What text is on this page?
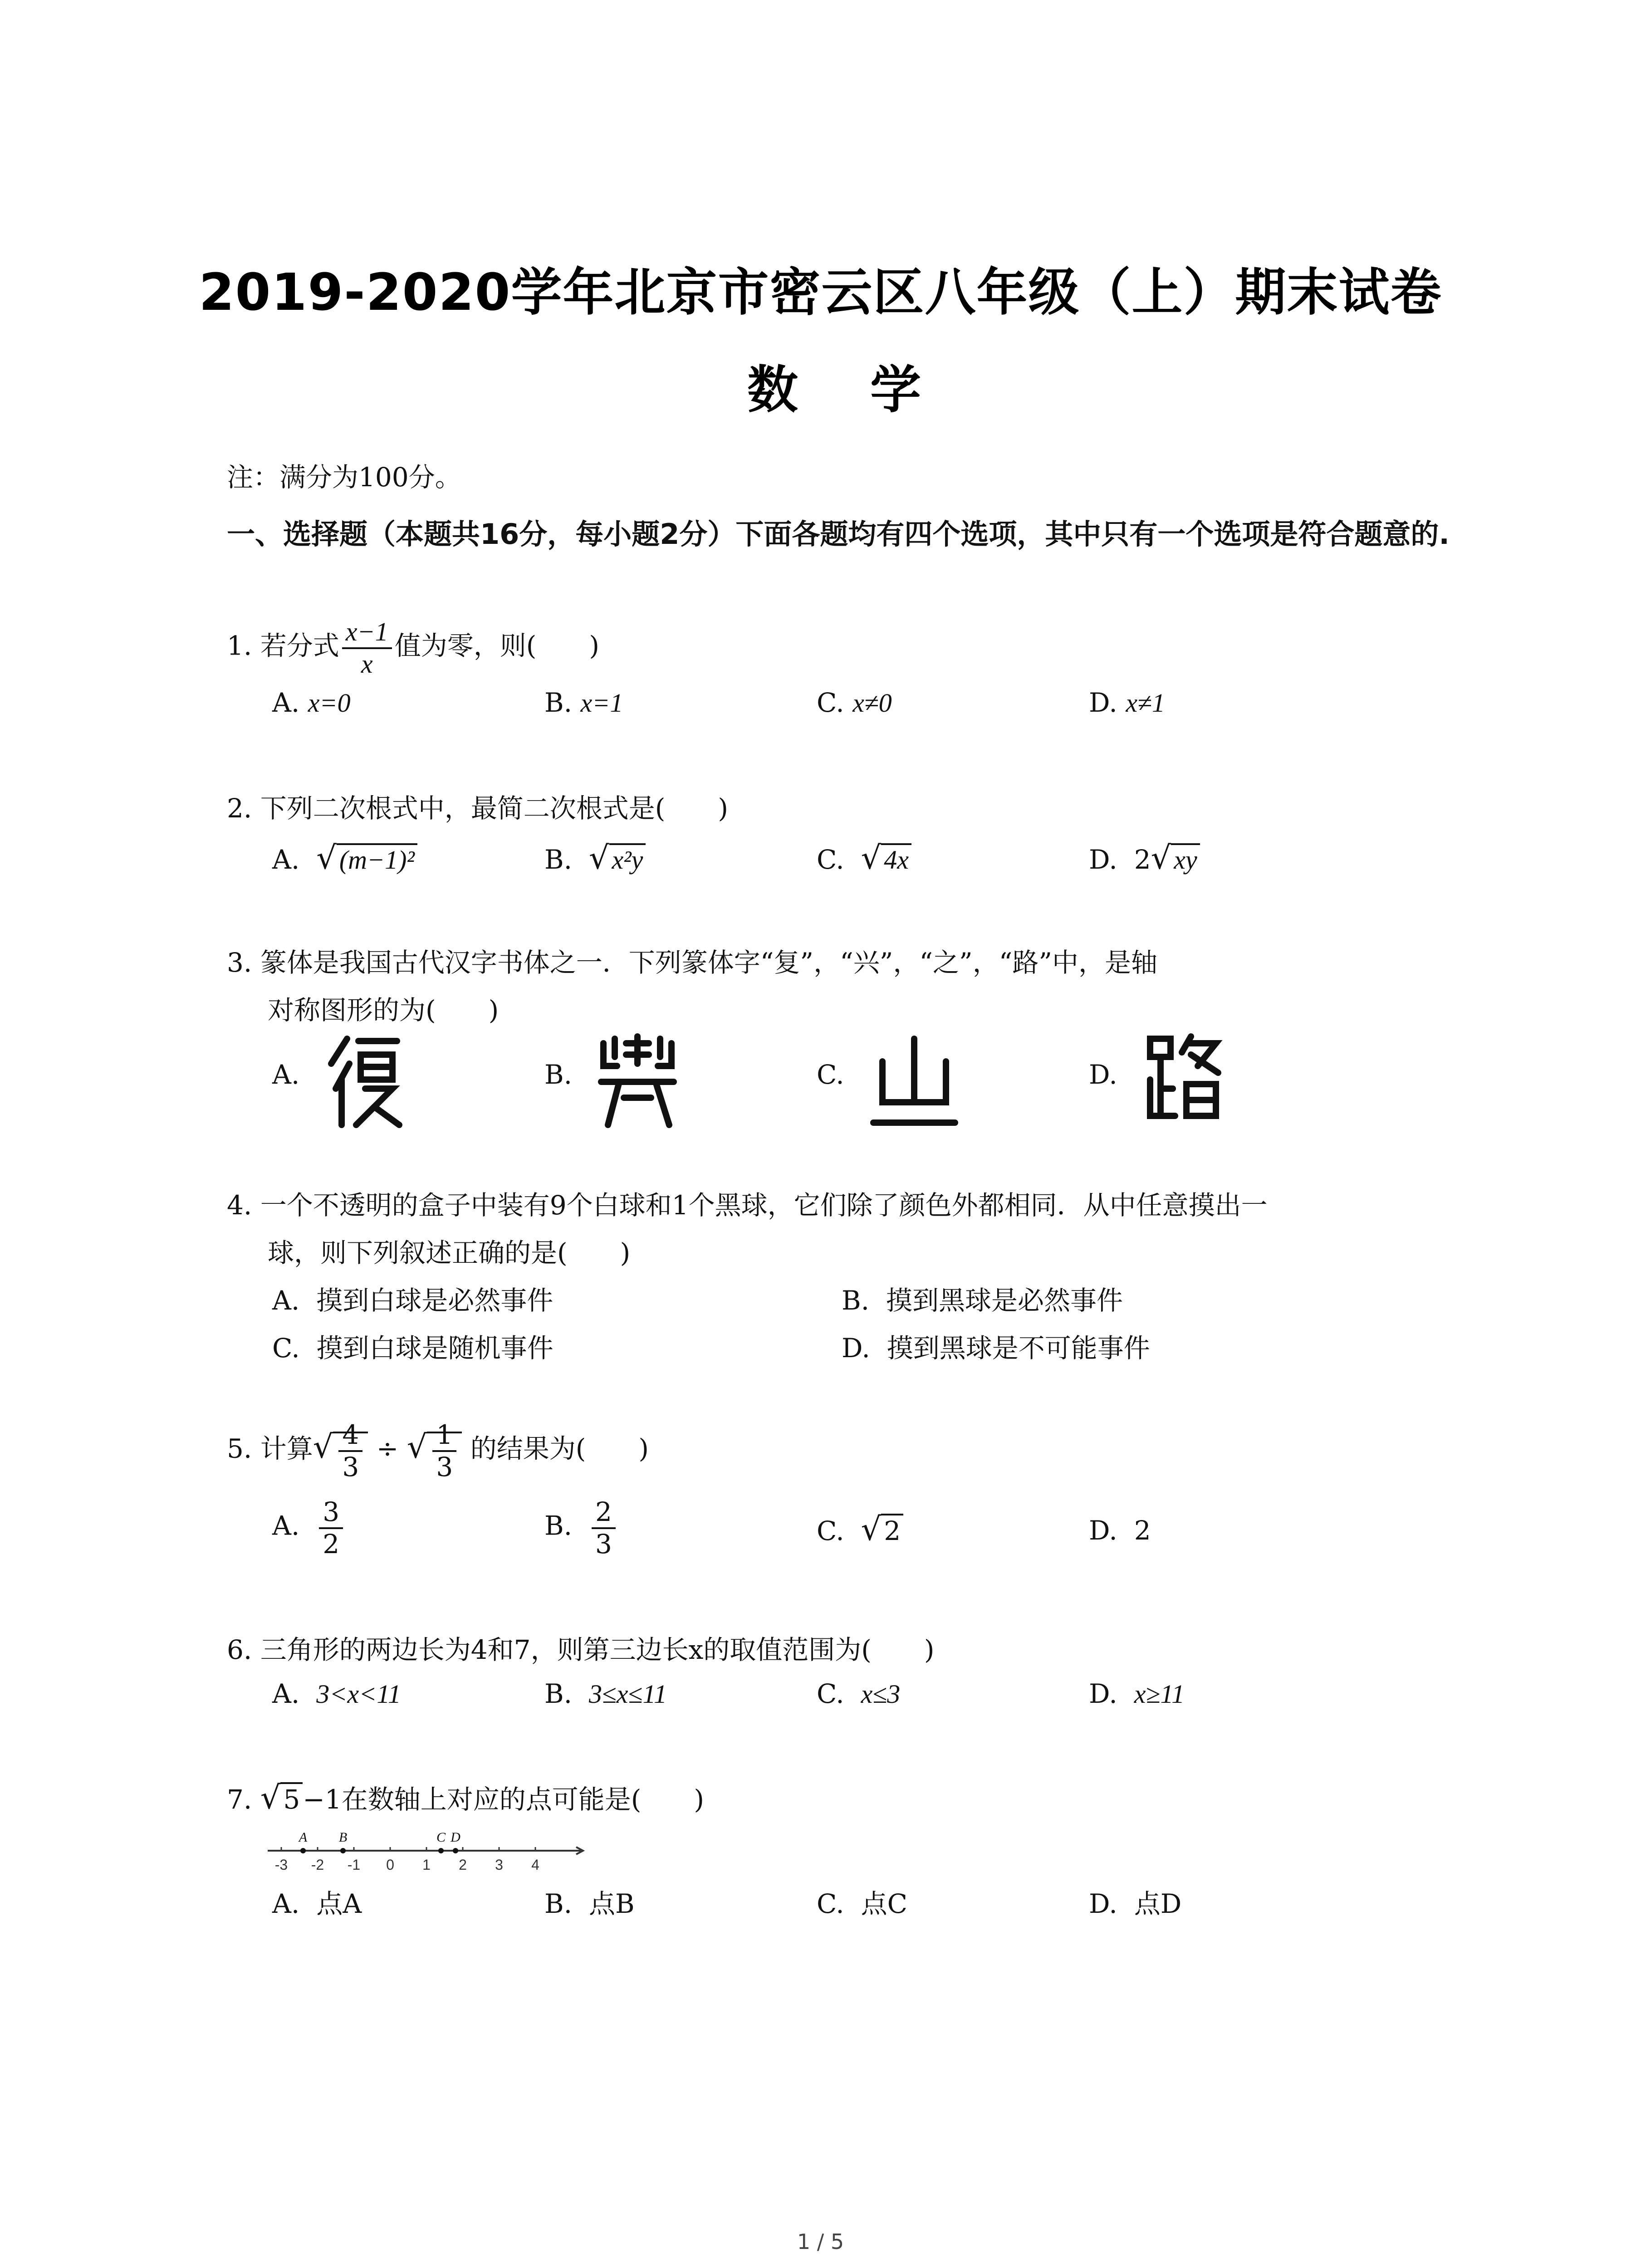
2019-2020学年北京市密云区八年级（上）期末试卷
数 学
注：满分为100分。
一、选择题（本题共16分，每小题2分）下面各题均有四个选项，其中只有一个选项是符合题意的.
1. 若分式 $\frac{x-1}{x}$ 值为零，则(　　)
A. x=0	B. x=1	C. x≠0	D. x≠1
2. 下列二次根式中，最简二次根式是(　　)
A. √ (m−1)²	B. √ x²y	C. √ 4x	D. 2√ xy
3. 篆体是我国古代汉字书体之一．下列篆体字“复”，“兴”，“之”，“路”中，是轴
对称图形的为(　　)
A.	B.	C.	D.
4. 一个不透明的盒子中装有9个白球和1个黑球，它们除了颜色外都相同．从中任意摸出一
球，则下列叙述正确的是(　　)
A. 摸到白球是必然事件	B. 摸到黑球是必然事件
C. 摸到白球是随机事件	D. 摸到黑球是不可能事件
5. 计算√ $\frac{4}{3}$ ÷ √ $\frac{1}{3}$ 的结果为(　　)
A. $\frac{3}{2}$	B. $\frac{2}{3}$	C. √ 2	D. 2
6. 三角形的两边长为4和7，则第三边长x的取值范围为(　　)
A. 3<x<11	B. 3≤x≤11	C. x≤3	D. x≥11
7. √ 5 −1在数轴上对应的点可能是(　　)
-3 -2 -1 0 1 2 3 4
A B	C D
A. 点A	B. 点B	C. 点C	D. 点D
1 / 5
